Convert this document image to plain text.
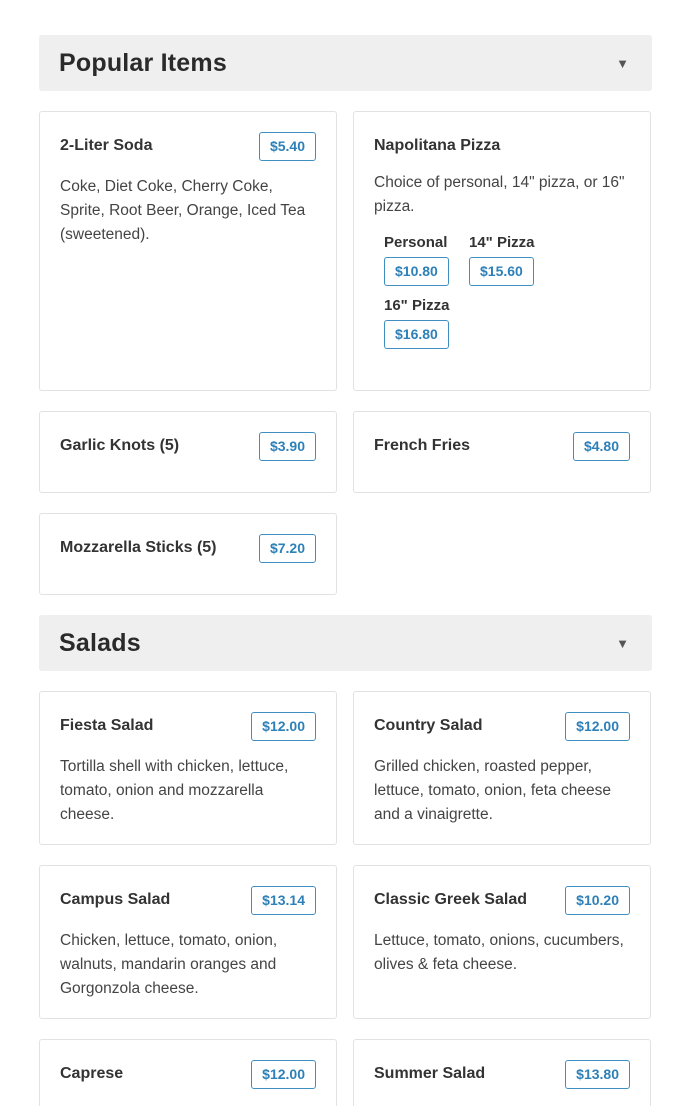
Popular Items	▼
2-Liter Soda	$5.40

Coke, Diet Coke, Cherry Coke, Sprite, Root Beer, Orange, Iced Tea (sweetened).

Napolitana Pizza

Choice of personal, 14" pizza, or 16" pizza.

Personal
$10.80
14" Pizza
$15.60
16" Pizza
$16.80
Garlic Knots (5)	$3.90	French Fries	$4.80
Mozzarella Sticks (5)	$7.20
Salads	▼
Fiesta Salad	$12.00

Tortilla shell with chicken, lettuce, tomato, onion and mozzarella cheese.

Country Salad	$12.00

Grilled chicken, roasted pepper, lettuce, tomato, onion, feta cheese and a vinaigrette.

Campus Salad	$13.14

Chicken, lettuce, tomato, onion, walnuts, mandarin oranges and Gorgonzola cheese.

Classic Greek Salad	$10.20

Lettuce, tomato, onions, cucumbers, olives & feta cheese.

Caprese	$12.00	Summer Salad	$13.80
